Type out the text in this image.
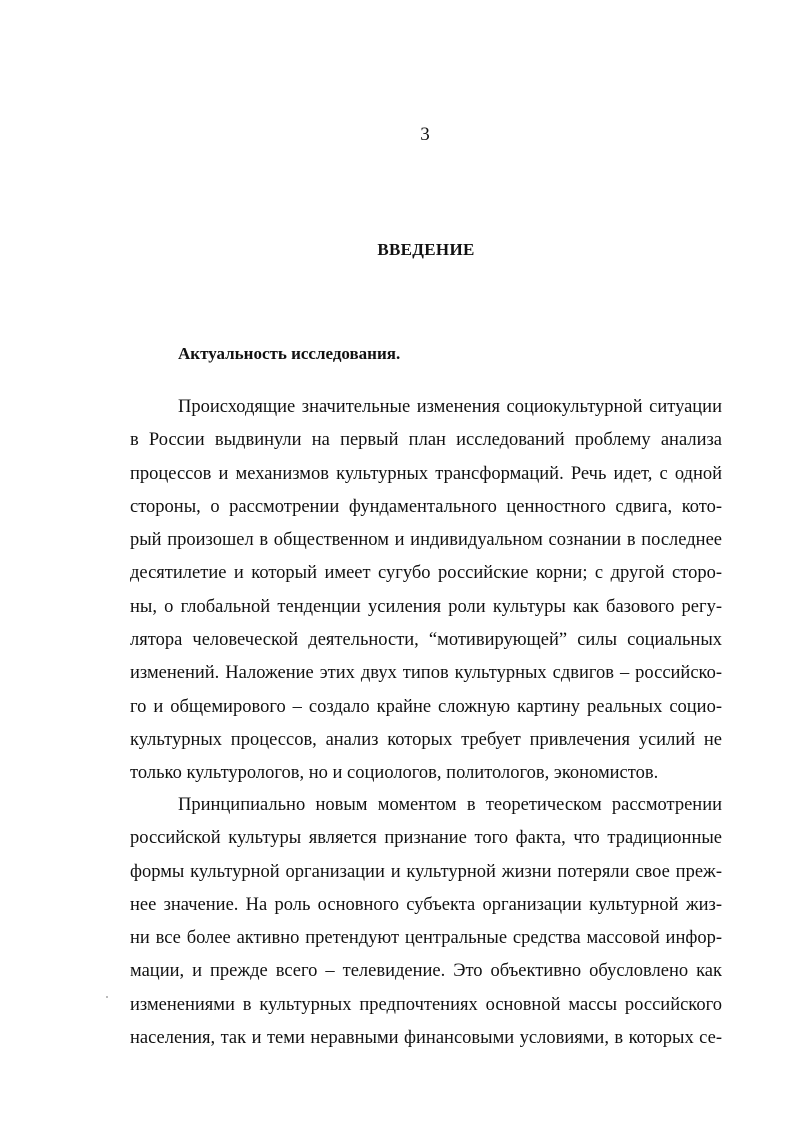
3

ВВЕДЕНИЕ
Актуальность исследования.
Происходящие значительные изменения социокультурной ситуации
в России выдвинули на первый план исследований проблему анализа
процессов и механизмов культурных трансформаций. Речь идет, с одной
стороны, о рассмотрении фундаментального ценностного сдвига, кото-
рый произошел в общественном и индивидуальном сознании в последнее
десятилетие и который имеет сугубо российские корни; с другой сторо-
ны, о глобальной тенденции усиления роли культуры как базового регу-
лятора человеческой деятельности, “мотивирующей” силы социальных
изменений. Наложение этих двух типов культурных сдвигов – российско-
го и общемирового – создало крайне сложную картину реальных социо-
культурных процессов, анализ которых требует привлечения усилий не
только культурологов, но и социологов, политологов, экономистов.
Принципиально новым моментом в теоретическом рассмотрении
российской культуры является признание того факта, что традиционные
формы культурной организации и культурной жизни потеряли свое преж-
нее значение. На роль основного субъекта организации культурной жиз-
ни все более активно претендуют центральные средства массовой инфор-
мации, и прежде всего – телевидение. Это объективно обусловлено как
изменениями в культурных предпочтениях основной массы российского
населения, так и теми неравными финансовыми условиями, в которых се-
